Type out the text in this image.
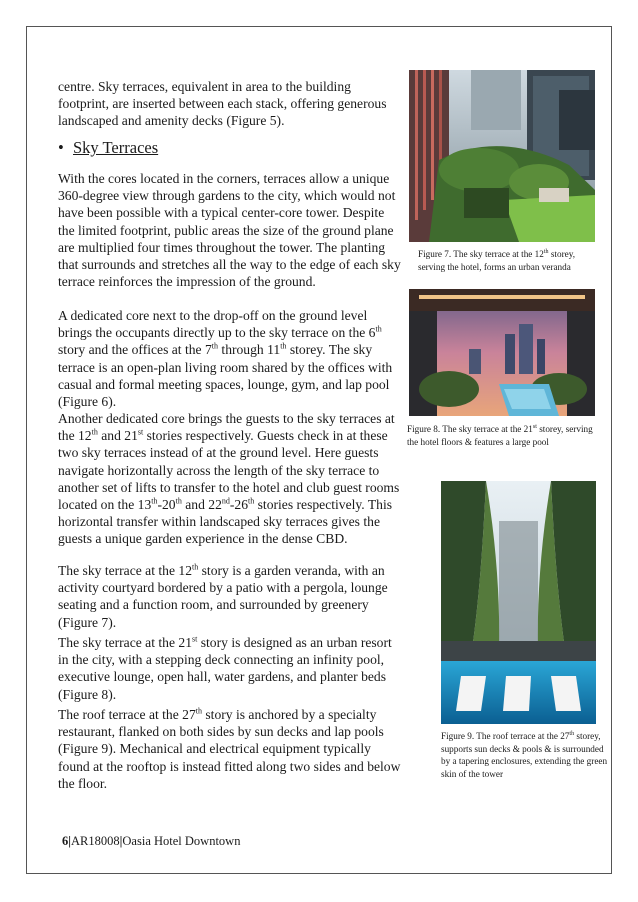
centre. Sky terraces, equivalent in area to the building footprint, are inserted between each stack, offering generous landscaped and amenity decks (Figure 5).

• Sky Terraces

With the cores located in the corners, terraces allow a unique 360-degree view through gardens to the city, which would not have been possible with a typical center-core tower. Despite the limited footprint, public areas the size of the ground plane are multiplied four times throughout the tower. The planting that surrounds and stretches all the way to the edge of each sky terrace reinforces the impression of the ground.

A dedicated core next to the drop-off on the ground level brings the occupants directly up to the sky terrace on the 6th story and the offices at the 7th through 11th storey. The sky terrace is an open-plan living room shared by the offices with casual and formal meeting spaces, lounge, gym, and lap pool (Figure 6).

Another dedicated core brings the guests to the sky terraces at the 12th and 21st stories respectively. Guests check in at these two sky terraces instead of at the ground level. Here guests navigate horizontally across the length of the sky terrace to another set of lifts to transfer to the hotel and club guest rooms located on the 13th-20th and 22nd-26th stories respectively. This horizontal transfer within landscaped sky terraces gives the guests a unique garden experience in the dense CBD.

The sky terrace at the 12th story is a garden veranda, with an activity courtyard bordered by a patio with a pergola, lounge seating and a function room, and surrounded by greenery (Figure 7).

The sky terrace at the 21st story is designed as an urban resort in the city, with a stepping deck connecting an infinity pool, executive lounge, open hall, water gardens, and planter beds (Figure 8).

The roof terrace at the 27th story is anchored by a specialty restaurant, flanked on both sides by sun decks and lap pools (Figure 9). Mechanical and electrical equipment typically found at the rooftop is instead fitted along two sides and below the floor.

Figure 7. The sky terrace at the 12th storey, serving the hotel, forms an urban veranda

Figure 8. The sky terrace at the 21st storey, serving the hotel floors & features a large pool

Figure 9. The roof terrace at the 27th storey, supports sun decks & pools & is surrounded by a tapering enclosures, extending the green skin of the tower

6|AR18008|Oasia Hotel Downtown
